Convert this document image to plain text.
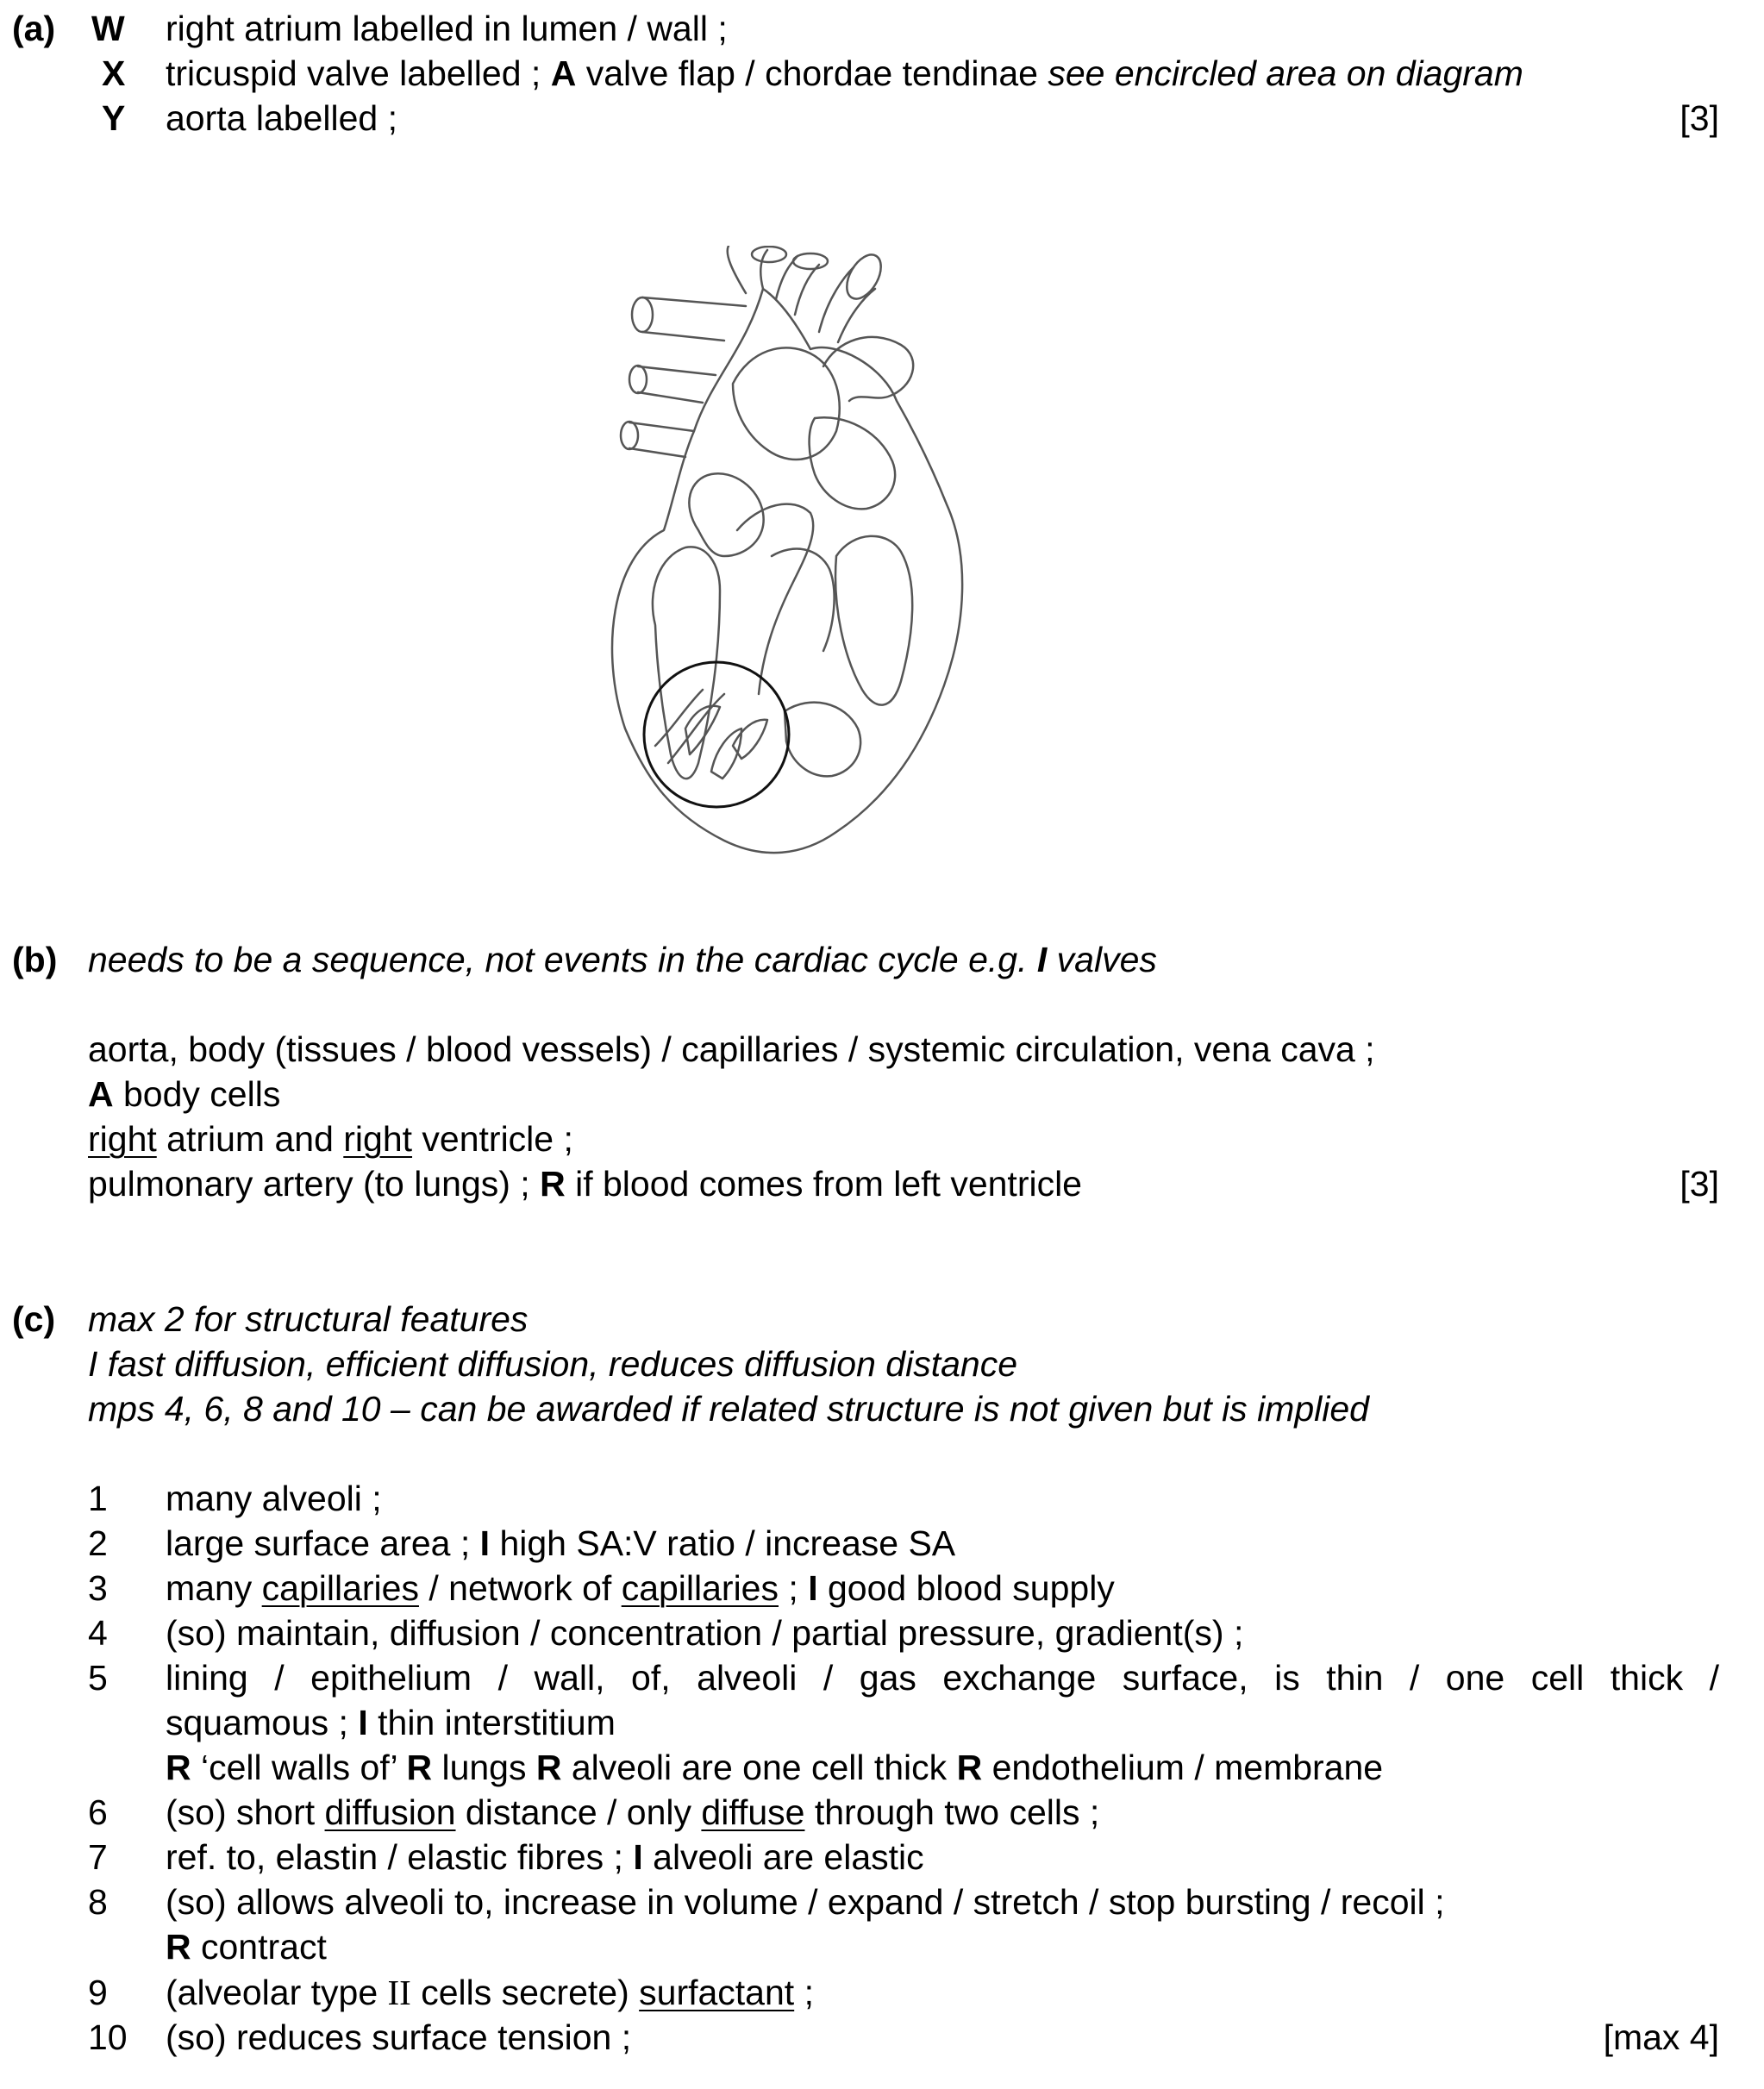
(a) W right atrium labelled in lumen / wall ;
X tricuspid valve labelled ; A valve flap / chordae tendinae see encircled area on diagram
Y aorta labelled ;	[3]
(b) needs to be a sequence, not events in the cardiac cycle e.g. I valves
aorta, body (tissues / blood vessels) / capillaries / systemic circulation, vena cava ;
A body cells
right atrium and right ventricle ;
pulmonary artery (to lungs) ; R if blood comes from left ventricle	[3]
(c) max 2 for structural features
I fast diffusion, efficient diffusion, reduces diffusion distance
mps 4, 6, 8 and 10 – can be awarded if related structure is not given but is implied
1 many alveoli ;
2 large surface area ; I high SA:V ratio / increase SA
3 many capillaries / network of capillaries ; I good blood supply
4 (so) maintain, diffusion / concentration / partial pressure, gradient(s) ;
5 lining / epithelium / wall, of, alveoli / gas exchange surface, is thin / one cell thick /
squamous ; I thin interstitium
R ‘cell walls of’ R lungs R alveoli are one cell thick R endothelium / membrane
6 (so) short diffusion distance / only diffuse through two cells ;
7 ref. to, elastin / elastic fibres ; I alveoli are elastic
8 (so) allows alveoli to, increase in volume / expand / stretch / stop bursting / recoil ;
R contract
9 (alveolar type II cells secrete) surfactant ;
10 (so) reduces surface tension ;	[max 4]
